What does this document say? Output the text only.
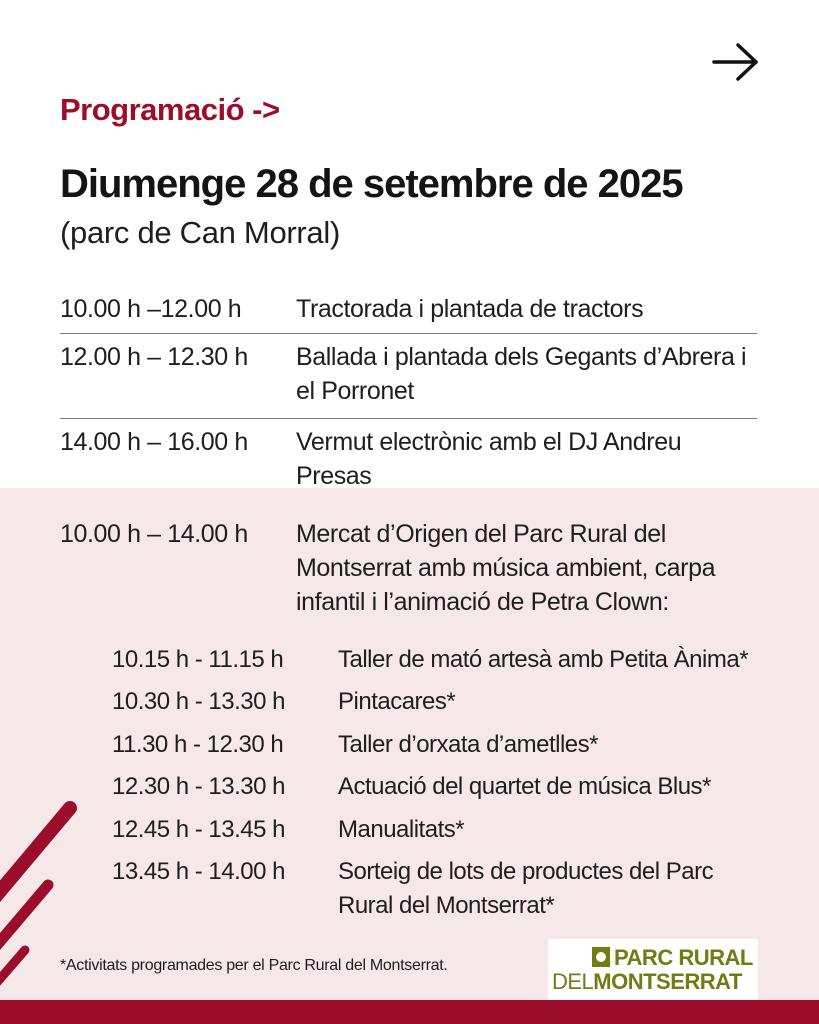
Programació ->
Diumenge 28 de setembre de 2025
(parc de Can Morral)
10.00 h –12.00 h Tractorada i plantada de tractors
12.00 h – 12.30 h Ballada i plantada dels Gegants d’Abrera i el Porronet
14.00 h – 16.00 h Vermut electrònic amb el DJ Andreu Presas
10.00 h – 14.00 h Mercat d’Origen del Parc Rural del Montserrat amb música ambient, carpa infantil i l’animació de Petra Clown:
10.15 h - 11.15 h Taller de mató artesà amb Petita Ànima*
10.30 h - 13.30 h Pintacares*
11.30 h - 12.30 h Taller d’orxata d’ametlles*
12.30 h - 13.30 h Actuació del quartet de música Blus*
12.45 h - 13.45 h Manualitats*
13.45 h - 14.00 h Sorteig de lots de productes del Parc Rural del Montserrat*
*Activitats programades per el Parc Rural del Montserrat.	PARC RURAL
DELMONTSERRAT
